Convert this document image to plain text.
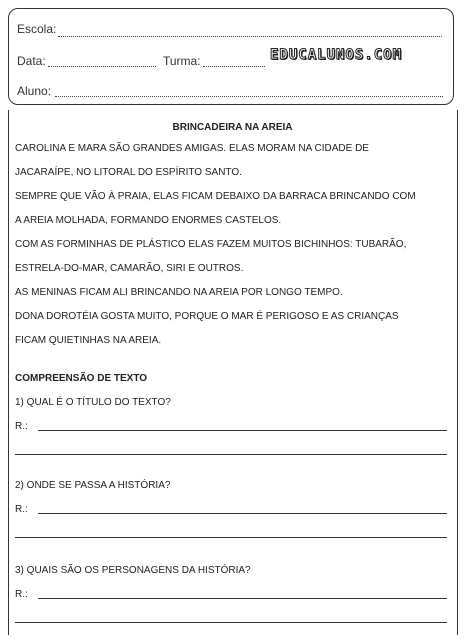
Escola:
Data:	Turma:	EDUCALUNOS.COM
Aluno:
BRINCADEIRA NA AREIA
CAROLINA E MARA SÃO GRANDES AMIGAS. ELAS MORAM NA CIDADE DE
JACARAÍPE, NO LITORAL DO ESPÍRITO SANTO.
SEMPRE QUE VÃO À PRAIA, ELAS FICAM DEBAIXO DA BARRACA BRINCANDO COM
A AREIA MOLHADA, FORMANDO ENORMES CASTELOS.
COM AS FORMINHAS DE PLÁSTICO ELAS FAZEM MUITOS BICHINHOS: TUBARÃO,
ESTRELA-DO-MAR, CAMARÃO, SIRI E OUTROS.
AS MENINAS FICAM ALI BRINCANDO NA AREIA POR LONGO TEMPO.
DONA DOROTÉIA GOSTA MUITO, PORQUE O MAR É PERIGOSO E AS CRIANÇAS
FICAM QUIETINHAS NA AREIA.
COMPREENSÃO DE TEXTO
1) QUAL É O TÍTULO DO TEXTO?
R.:
2) ONDE SE PASSA A HISTÓRIA?
R.:
3) QUAIS SÃO OS PERSONAGENS DA HISTÓRIA?
R.:
